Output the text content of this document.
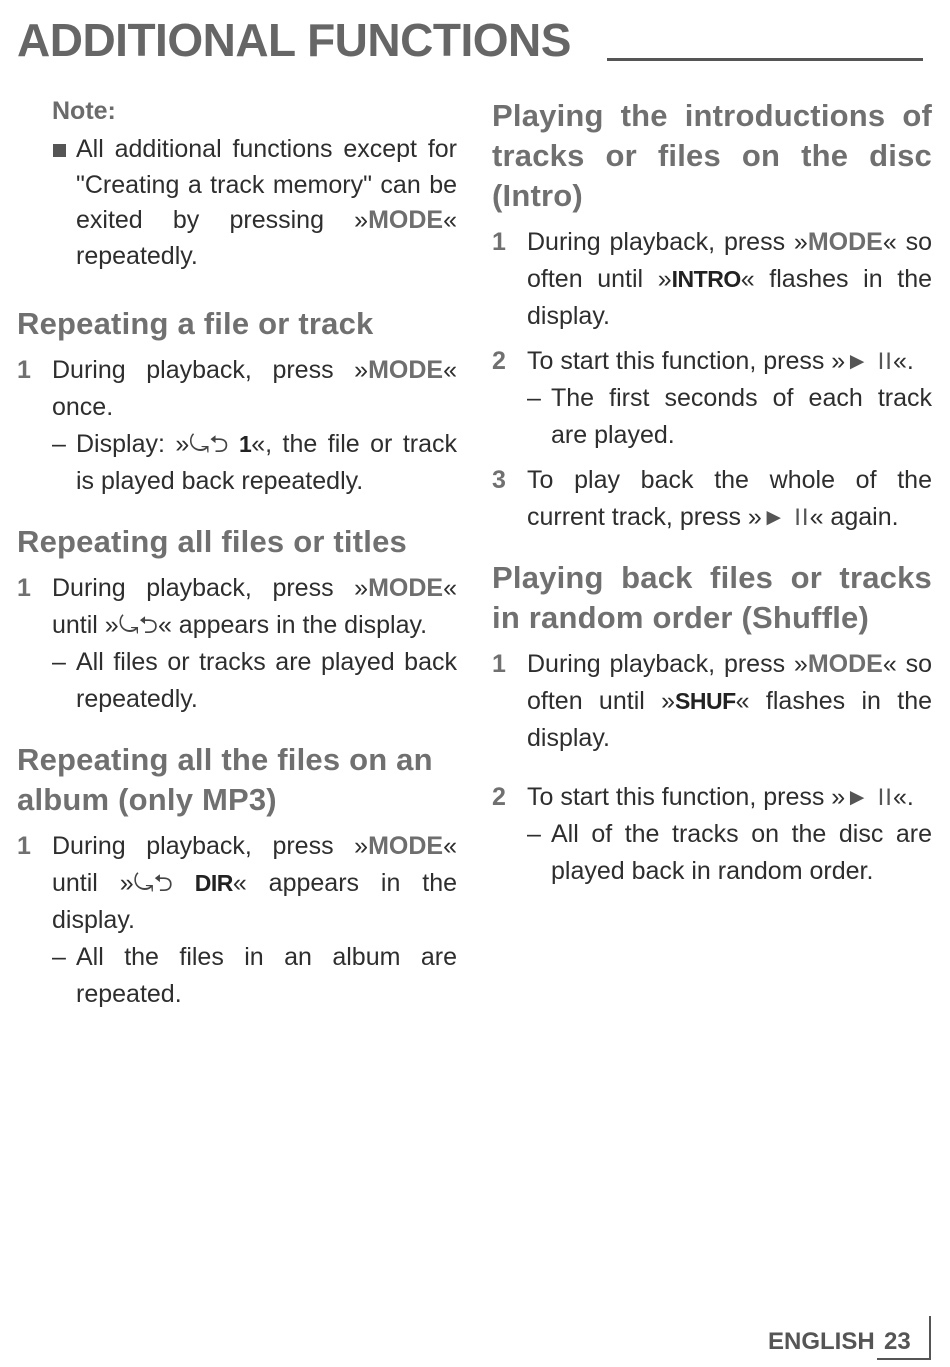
ADDITIONAL FUNCTIONS
Note:

All additional functions except for "Creating a track memory" can be exited by pressing »MODE« repeatedly.

Repeating a file or track

1 During playback, press »MODE« once.

– Display: »⤿⮌ 1«, the file or track is played back repeatedly.

Repeating all files or titles

1 During playback, press »MODE« until »⤿⮌« appears in the display.

– All files or tracks are played back repeatedly.

Repeating all the files on an album (only MP3)

1 During playback, press »MODE« until »⤿⮌ DIR« appears in the display.

– All the files in an album are repeated.

Playing the introductions of tracks or files on the disc (Intro)

1 During playback, press »MODE« so often until »INTRO« flashes in the display.

2 To start this function, press »► II«.

– The first seconds of each track are played.

3 To play back the whole of the current track, press »► II« again.

Playing back files or tracks in random order (Shuffle)

1 During playback, press »MODE« so often until »SHUF« flashes in the display.

2 To start this function, press »► II«.

– All of the tracks on the disc are played back in random order.

ENGLISH 23
